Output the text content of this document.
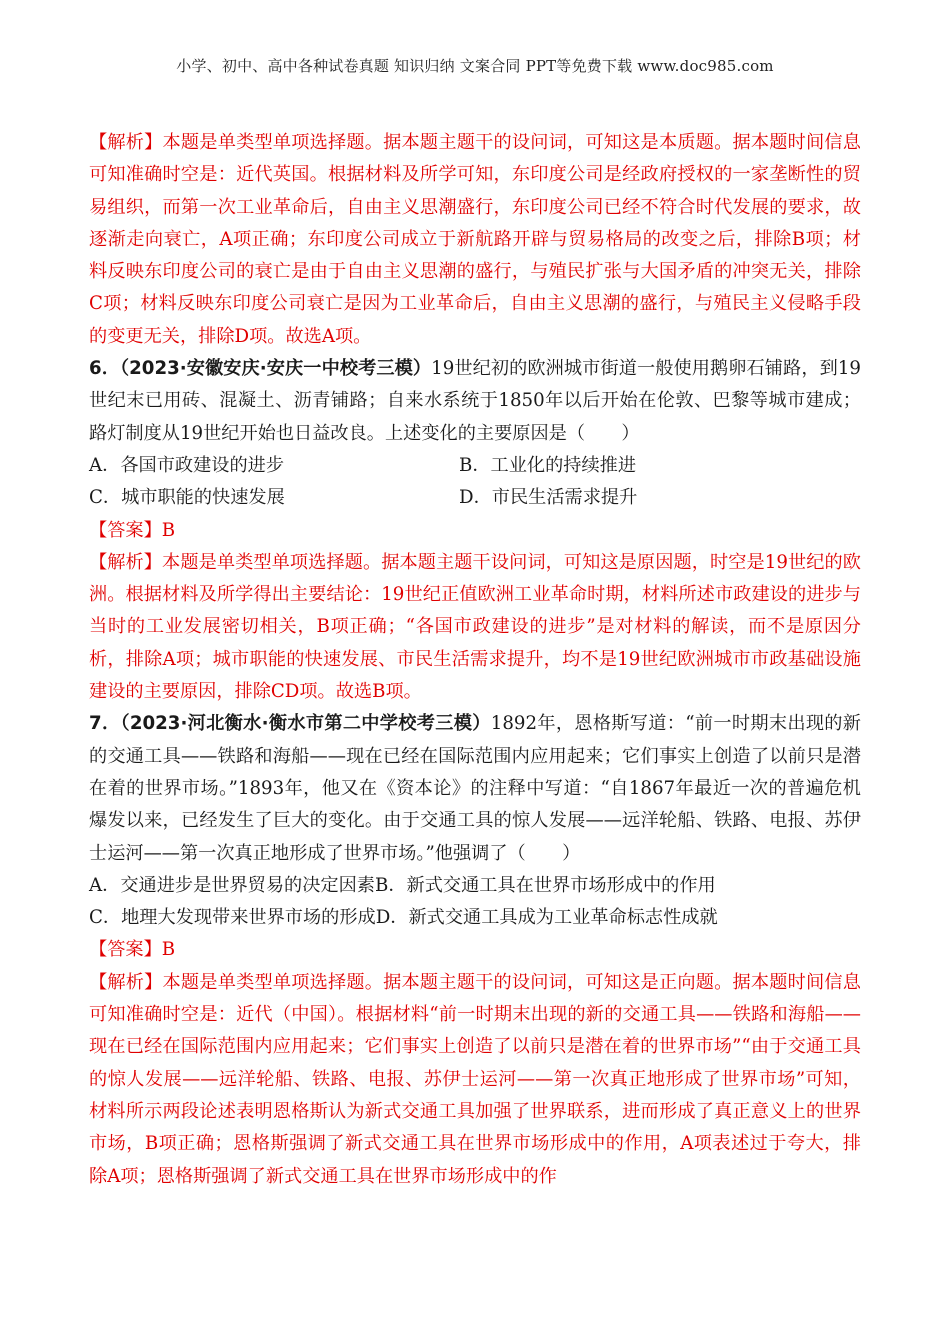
小学、初中、高中各种试卷真题 知识归纳 文案合同 PPT等免费下载 www.doc985.com

【解析】本题是单类型单项选择题。据本题主题干的设问词，可知这是本质题。据本题时间信息可知准确时空是：近代英国。根据材料及所学可知，东印度公司是经政府授权的一家垄断性的贸易组织，而第一次工业革命后，自由主义思潮盛行，东印度公司已经不符合时代发展的要求，故逐渐走向衰亡，A项正确；东印度公司成立于新航路开辟与贸易格局的改变之后，排除B项；材料反映东印度公司的衰亡是由于自由主义思潮的盛行，与殖民扩张与大国矛盾的冲突无关，排除C项；材料反映东印度公司衰亡是因为工业革命后，自由主义思潮的盛行，与殖民主义侵略手段的变更无关，排除D项。故选A项。

6．（2023·安徽安庆·安庆一中校考三模）19世纪初的欧洲城市街道一般使用鹅卵石铺路，到19世纪末已用砖、混凝土、沥青铺路；自来水系统于1850年以后开始在伦敦、巴黎等城市建成；路灯制度从19世纪开始也日益改良。上述变化的主要原因是（　　）

A．各国市政建设的进步	B．工业化的持续推进
C．城市职能的快速发展	D．市民生活需求提升

【答案】B

【解析】本题是单类型单项选择题。据本题主题干设问词，可知这是原因题，时空是19世纪的欧洲。根据材料及所学得出主要结论：19世纪正值欧洲工业革命时期，材料所述市政建设的进步与当时的工业发展密切相关，B项正确；“各国市政建设的进步”是对材料的解读，而不是原因分析，排除A项；城市职能的快速发展、市民生活需求提升，均不是19世纪欧洲城市市政基础设施建设的主要原因，排除CD项。故选B项。

7．（2023·河北衡水·衡水市第二中学校考三模）1892年，恩格斯写道：“前一时期末出现的新的交通工具——铁路和海船——现在已经在国际范围内应用起来；它们事实上创造了以前只是潜在着的世界市场。”1893年，他又在《资本论》的注释中写道：“自1867年最近一次的普遍危机爆发以来，已经发生了巨大的变化。由于交通工具的惊人发展——远洋轮船、铁路、电报、苏伊士运河——第一次真正地形成了世界市场。”他强调了（　　）

A．交通进步是世界贸易的决定因素B．新式交通工具在世界市场形成中的作用

C．地理大发现带来世界市场的形成D．新式交通工具成为工业革命标志性成就

【答案】B

【解析】本题是单类型单项选择题。据本题主题干的设问词，可知这是正向题。据本题时间信息可知准确时空是：近代（中国）。根据材料“前一时期末出现的新的交通工具——铁路和海船——现在已经在国际范围内应用起来；它们事实上创造了以前只是潜在着的世界市场”“由于交通工具的惊人发展——远洋轮船、铁路、电报、苏伊士运河——第一次真正地形成了世界市场”可知，材料所示两段论述表明恩格斯认为新式交通工具加强了世界联系，进而形成了真正意义上的世界市场，B项正确；恩格斯强调了新式交通工具在世界市场形成中的作用，A项表述过于夸大，排除A项；恩格斯强调了新式交通工具在世界市场形成中的作
